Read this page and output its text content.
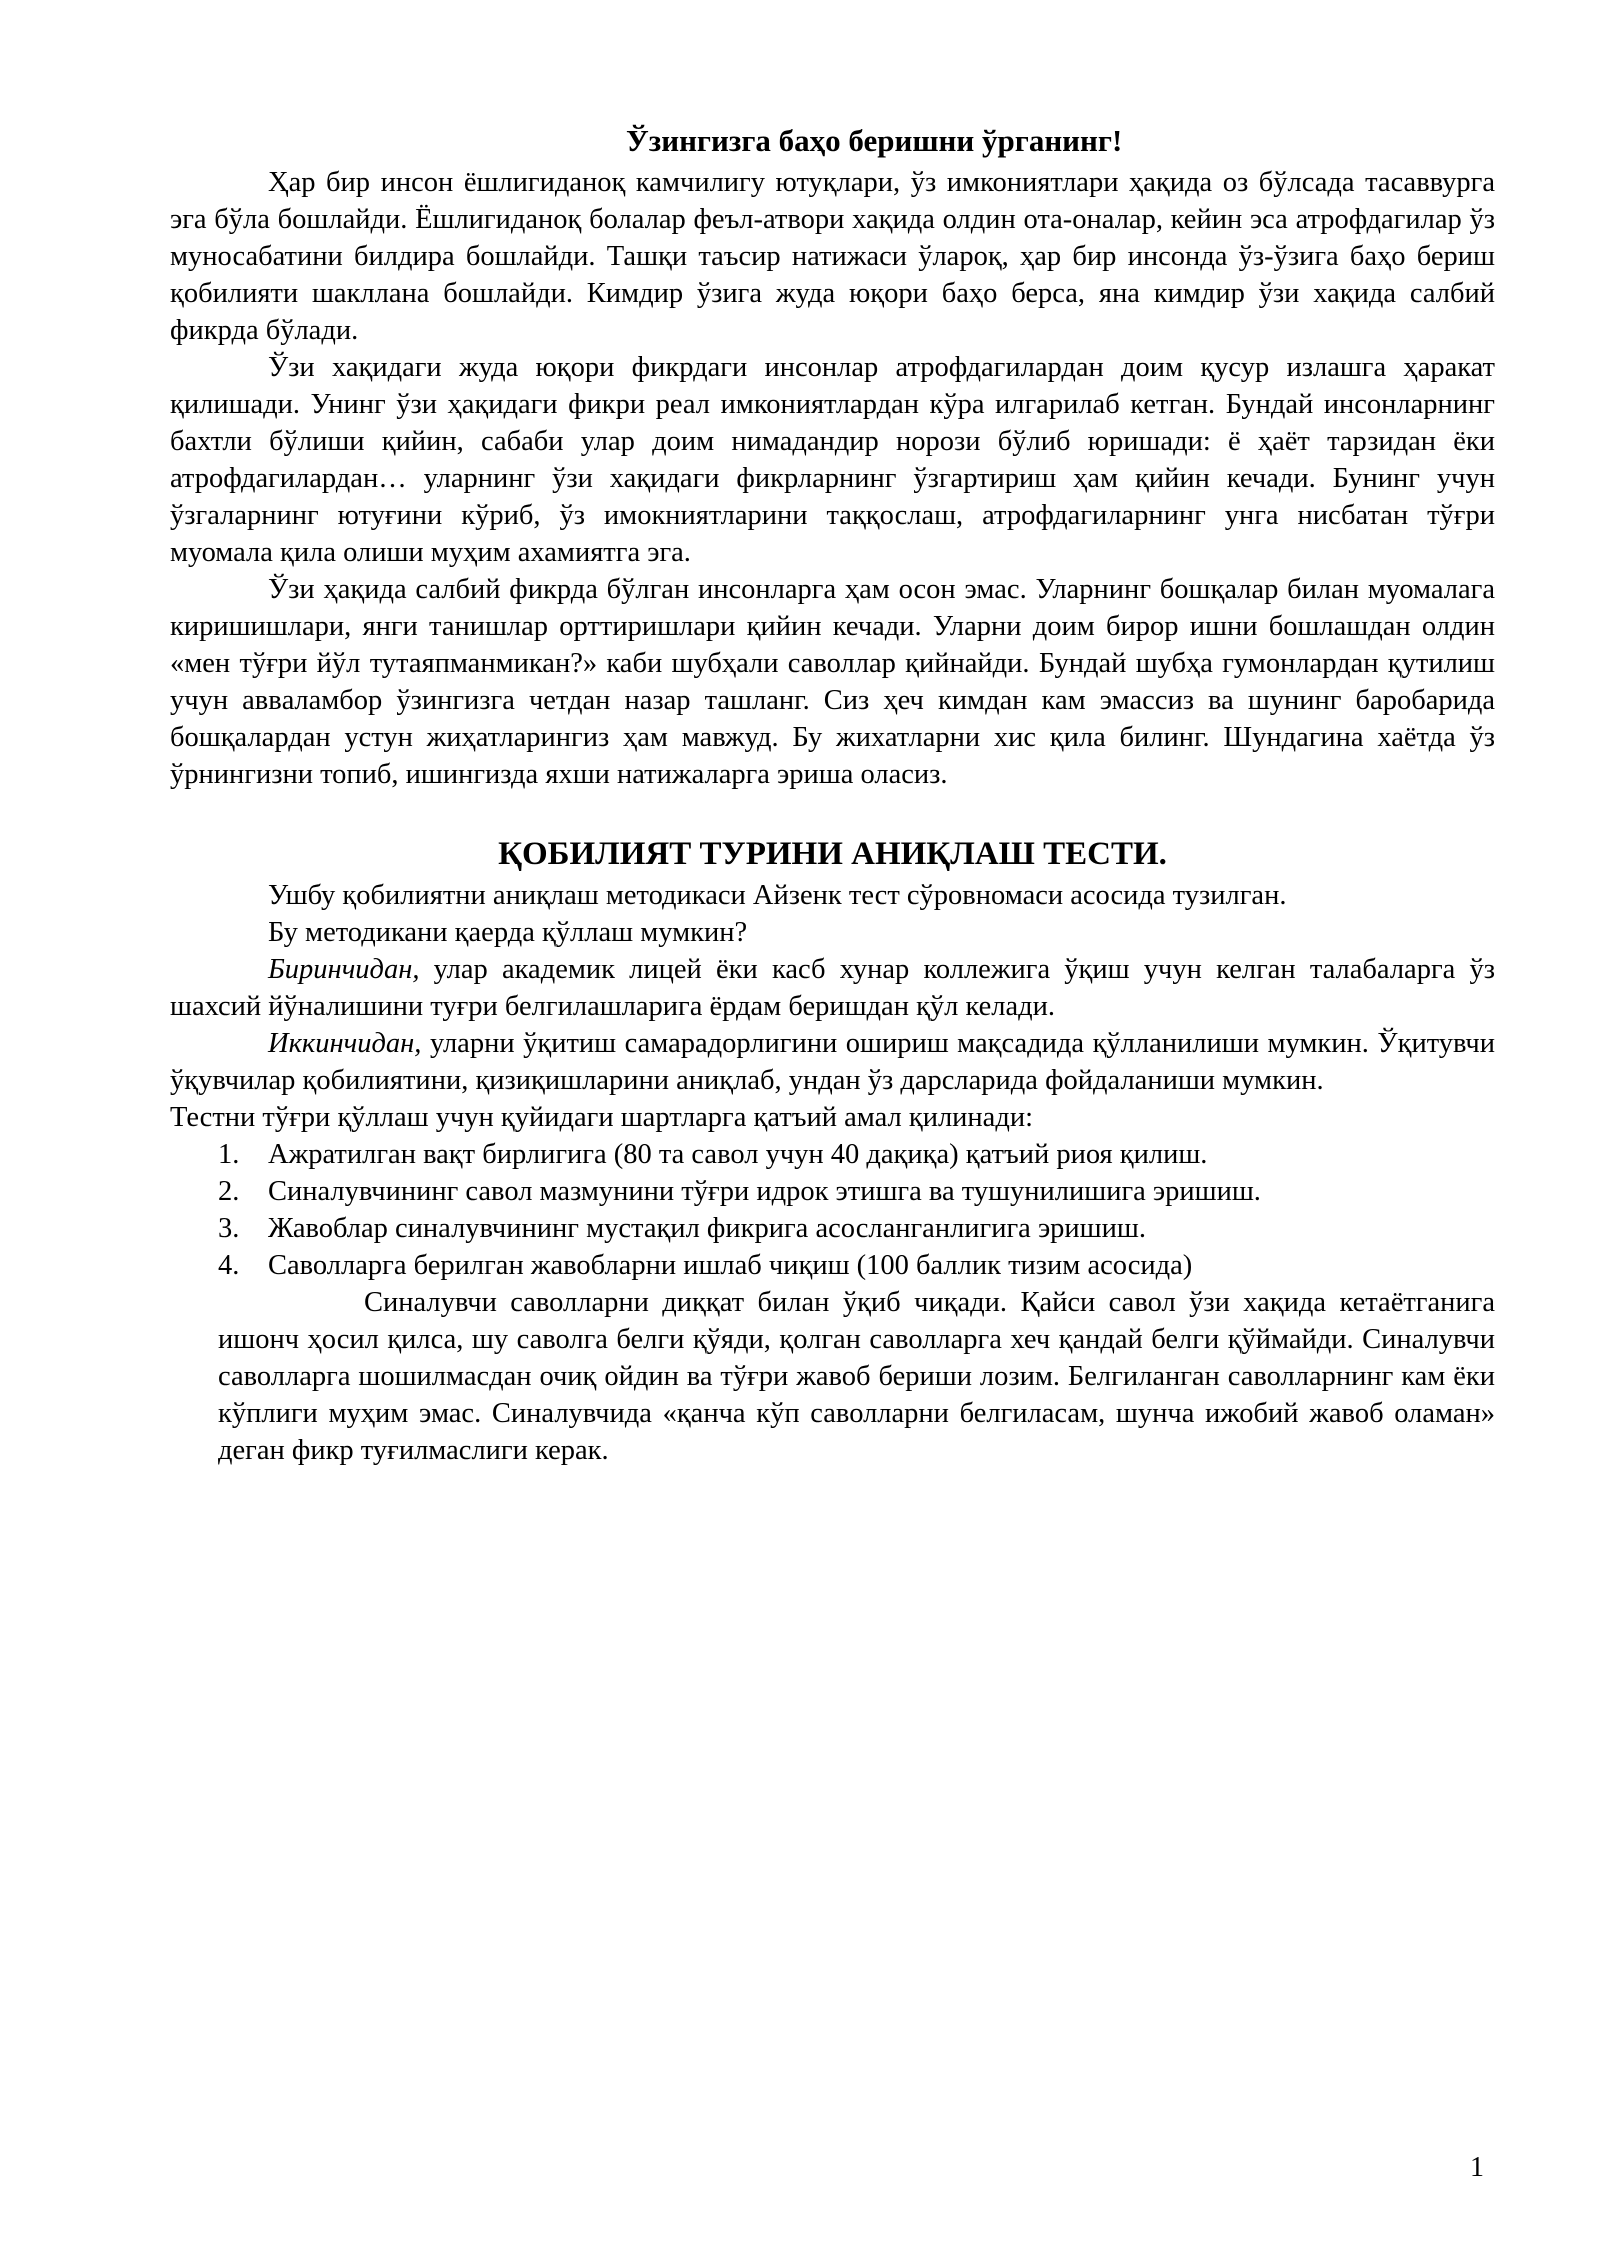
Ўзингизга баҳо беришни ўрганинг!

Ҳар бир инсон ёшлигиданоқ камчилигу ютуқлари, ўз имкониятлари ҳақида оз бўлсада тасаввурга эга бўла бошлайди. Ёшлигиданоқ болалар феъл-атвори хақида олдин ота-оналар, кейин эса атрофдагилар ўз муносабатини билдира бошлайди. Ташқи таъсир натижаси ўлароқ, ҳар бир инсонда ўз-ўзига баҳо бериш қобилияти шакллана бошлайди. Кимдир ўзига жуда юқори баҳо берса, яна кимдир ўзи хақида салбий фикрда бўлади.

Ўзи хақидаги жуда юқори фикрдаги инсонлар атрофдагилардан доим қусур излашга ҳаракат қилишади. Унинг ўзи ҳақидаги фикри реал имкониятлардан кўра илгарилаб кетган. Бундай инсонларнинг бахтли бўлиши қийин, сабаби улар доим нимадандир норози бўлиб юришади: ё ҳаёт тарзидан ёки атрофдагилардан… уларнинг ўзи хақидаги фикрларнинг ўзгартириш ҳам қийин кечади. Бунинг учун ўзгаларнинг ютуғини кўриб, ўз имокниятларини таққослаш, атрофдагиларнинг унга нисбатан тўғри муомала қила олиши муҳим ахамиятга эга.

Ўзи ҳақида салбий фикрда бўлган инсонларга ҳам осон эмас. Уларнинг бошқалар билан муомалага киришишлари, янги танишлар орттиришлари қийин кечади. Уларни доим бирор ишни бошлашдан олдин «мен тўғри йўл тутаяпманмикан?» каби шубҳали саволлар қийнайди. Бундай шубҳа гумонлардан қутилиш учун аввaламбор ўзингизга четдан назар ташланг. Сиз ҳеч кимдан кам эмассиз ва шунинг баробарида бошқалардан устун жиҳатларингиз ҳам мавжуд. Бу жихатларни хис қила билинг. Шундагина хаётда ўз ўрнингизни топиб, ишингизда яхши натижаларга эриша оласиз.

ҚОБИЛИЯТ ТУРИНИ АНИҚЛАШ ТЕСТИ.

Ушбу қобилиятни аниқлаш методикаси Айзенк тест сўровномаси асосида тузилган.

Бу методикани қаерда қўллаш мумкин?

Биринчидан, улар академик лицей ёки касб хунар коллежига ўқиш учун келган талабаларга ўз шахсий йўналишини туғри белгилашларига ёрдам беришдан қўл келади.

Иккинчидан, уларни ўқитиш самарадорлигини ошириш мақсадида қўлланилиши мумкин. Ўқитувчи ўқувчилар қобилиятини, қизиқишларини аниқлаб, ундан ўз дарсларида фойдаланиши мумкин.

Тестни тўғри қўллаш учун қуйидаги шартларга қатъий амал қилинади:

1. Ажратилган вақт бирлигига (80 та савол учун 40 дақиқа) қатъий риоя қилиш.
2. Синалувчининг савол мазмунини тўғри идрок этишга ва тушунилишига эришиш.
3. Жавоблар синалувчининг мустақил фикрига асосланганлигига эришиш.
4. Саволларга берилган жавобларни ишлаб чиқиш (100 баллик тизим асосида)

Синалувчи саволларни диққат билан ўқиб чиқади. Қайси савол ўзи хақида кетаётганига ишонч ҳосил қилса, шу саволга белги қўяди, қолган саволларга хеч қандай белги қўймайди. Синалувчи саволларга шошилмасдан очиқ ойдин ва тўғри жавоб бериши лозим. Белгиланган саволларнинг кам ёки кўплиги муҳим эмас. Синалувчида «қанча кўп саволларни белгиласам, шунча ижобий жавоб оламан» деган фикр туғилмаслиги керак.

1
